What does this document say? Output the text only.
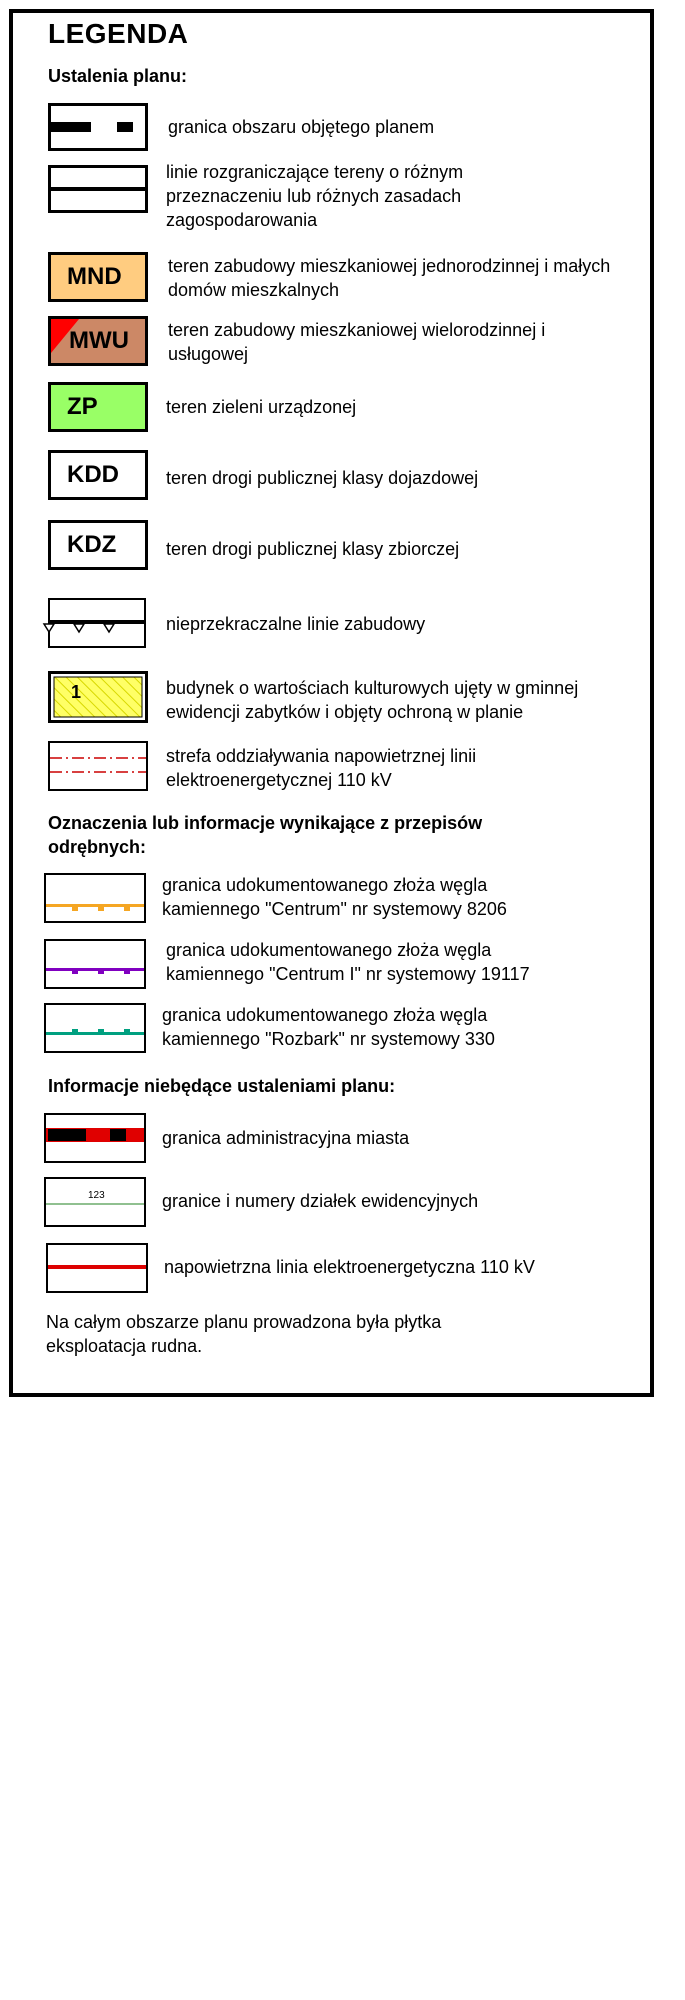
LEGENDA
Ustalenia planu:
granica obszaru objętego planem
linie rozgraniczające tereny o różnym przeznaczeniu lub różnych zasadach zagospodarowania
MND	teren zabudowy mieszkaniowej jednorodzinnej i małych domów mieszkalnych
MWU	teren zabudowy mieszkaniowej wielorodzinnej i usługowej
ZP	teren zieleni urządzonej
KDD	teren drogi publicznej klasy dojazdowej
KDZ	teren drogi publicznej klasy zbiorczej
nieprzekraczalne linie zabudowy
1	budynek o wartościach kulturowych ujęty w gminnej ewidencji zabytków i objęty ochroną w planie
strefa oddziaływania napowietrznej linii elektroenergetycznej 110 kV
Oznaczenia lub informacje wynikające z przepisów odrębnych:
granica udokumentowanego złoża węgla kamiennego "Centrum" nr systemowy 8206
granica udokumentowanego złoża węgla kamiennego "Centrum I" nr systemowy 19117
granica udokumentowanego złoża węgla kamiennego "Rozbark" nr systemowy 330
Informacje niebędące ustaleniami planu:
granica administracyjna miasta
123	granice i numery działek ewidencyjnych
napowietrzna linia elektroenergetyczna 110 kV
Na całym obszarze planu prowadzona była płytka eksploatacja rudna.
